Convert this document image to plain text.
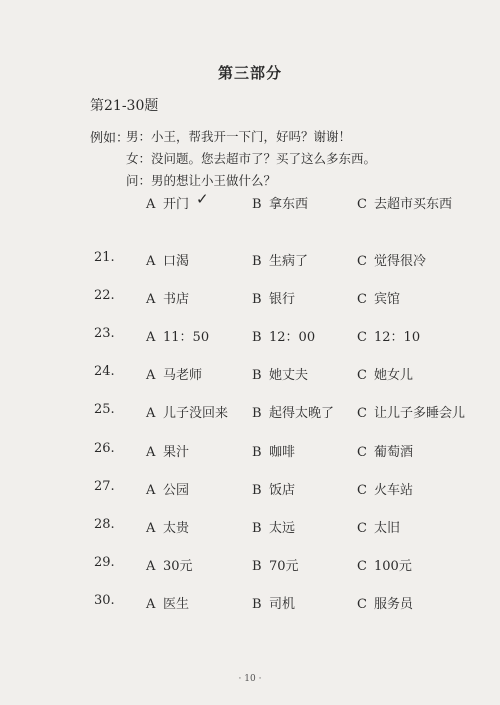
第三部分
第21-30题
例如：
男：小王，帮我开一下门，好吗？谢谢！
女：没问题。您去超市了？买了这么多东西。
问：男的想让小王做什么？
A 开门 ✓	B 拿东西	C 去超市买东西
21. A 口渴	B 生病了	C 觉得很冷
22. A 书店	B 银行	C 宾馆
23. A 11：50	B 12：00	C 12：10
24. A 马老师	B 她丈夫	C 她女儿
25. A 儿子没回来 B 起得太晚了 C 让儿子多睡会儿
26. A 果汁	B 咖啡	C 葡萄酒
27. A 公园	B 饭店	C 火车站
28. A 太贵	B 太远	C 太旧
29. A 30元	B 70元	C 100元
30. A 医生	B 司机	C 服务员
· 10 ·
